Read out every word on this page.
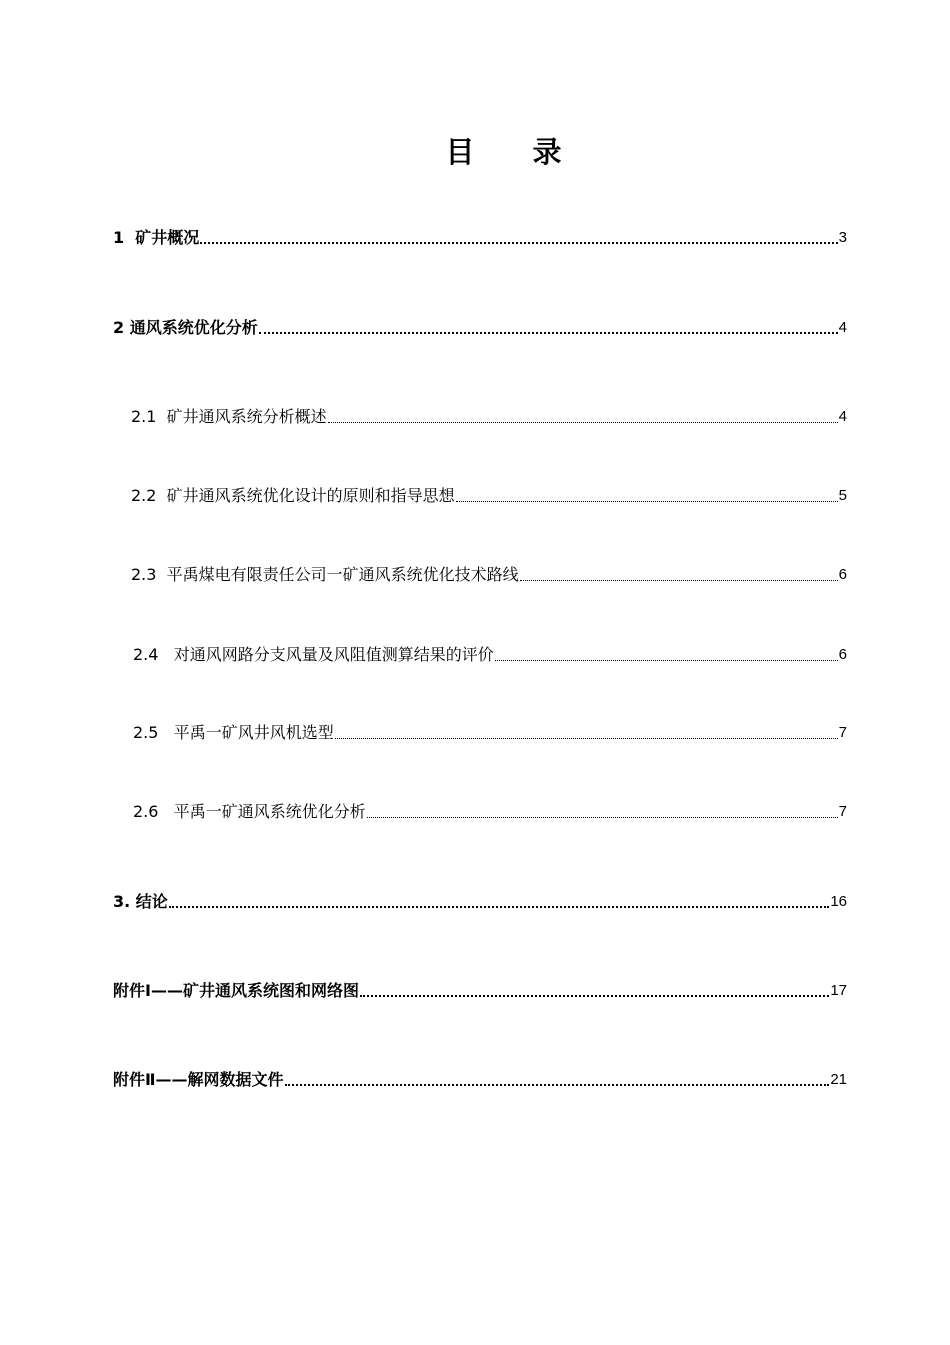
目 录
1  矿井概况	3
2 通风系统优化分析	4
2.1  矿井通风系统分析概述	4
2.2  矿井通风系统优化设计的原则和指导思想	5
2.3  平禹煤电有限责任公司一矿通风系统优化技术路线	6
2.4   对通风网路分支风量及风阻值测算结果的评价	6
2.5   平禹一矿风井风机选型	7
2.6   平禹一矿通风系统优化分析	7
3. 结论	16
附件Ⅰ——矿井通风系统图和网络图	17
附件Ⅱ——解网数据文件	21
